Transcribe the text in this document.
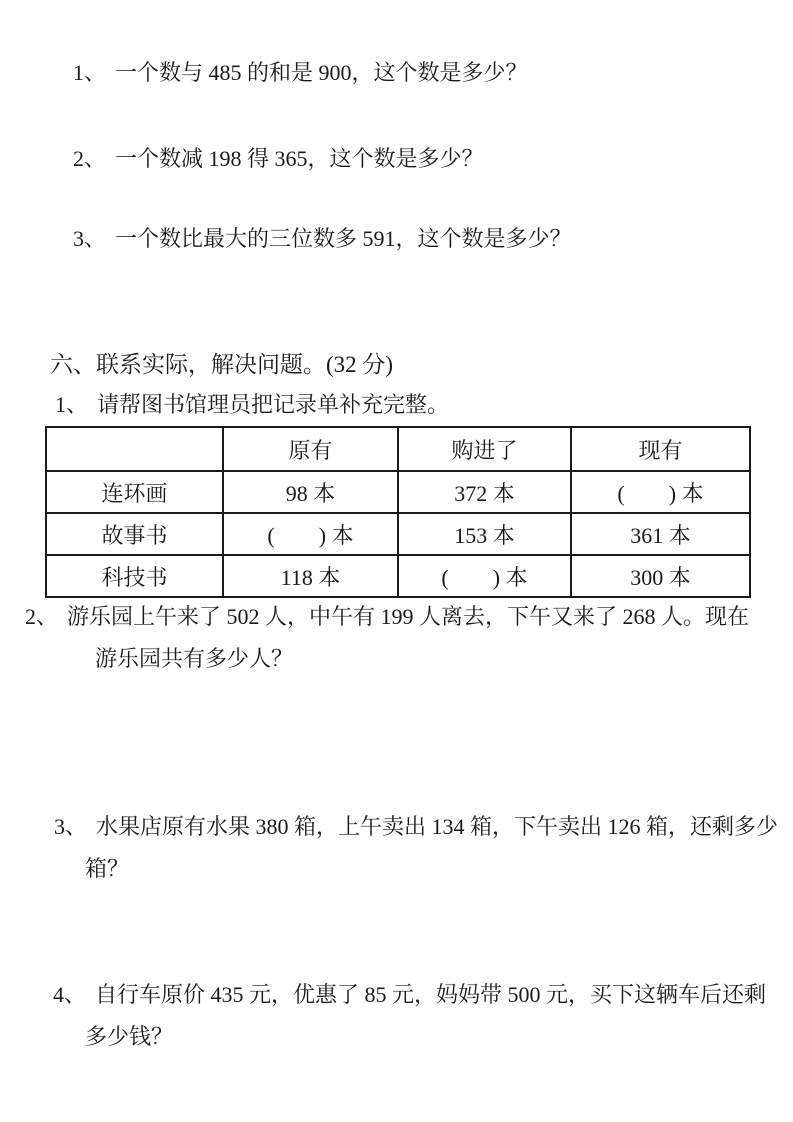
1、 一个数与 485 的和是 900，这个数是多少？
2、 一个数减 198 得 365，这个数是多少？
3、 一个数比最大的三位数多 591，这个数是多少？
六、联系实际，解决问题。(32 分)
1、 请帮图书馆理员把记录单补充完整。
	原有	购进了	现有
连环画	98 本	372 本	(　　) 本
故事书	(　　) 本	153 本	361 本
科技书	118 本	(　　) 本	300 本
2、 游乐园上午来了 502 人，中午有 199 人离去，下午又来了 268 人。现在
游乐园共有多少人？
3、 水果店原有水果 380 箱，上午卖出 134 箱，下午卖出 126 箱，还剩多少
箱？
4、 自行车原价 435 元，优惠了 85 元，妈妈带 500 元，买下这辆车后还剩
多少钱？
